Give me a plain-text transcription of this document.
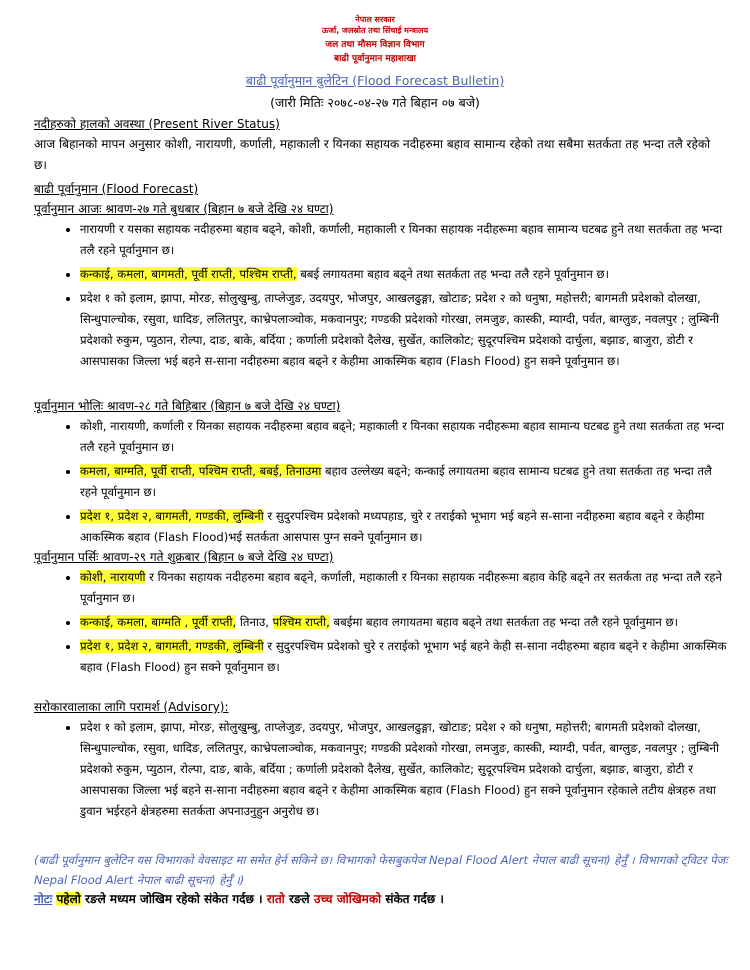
नेपाल सरकार
ऊर्जा, जलस्रोत तथा सिंचाई मन्त्रालय
जल तथा मौसम विज्ञान विभाग
बाढी पूर्वानुमान महाशाखा
बाढी पूर्वानुमान बुलेटिन (Flood Forecast Bulletin)
(जारी मितिः २०७८-०४-२७ गते बिहान ०७ बजे)
नदीहरुको हालको अवस्था (Present River Status)
आज बिहानको मापन अनुसार कोशी, नारायणी, कर्णाली, महाकाली र यिनका सहायक नदीहरुमा बहाव सामान्य रहेको तथा सबैमा सतर्कता तह भन्दा तलै रहेको छ।
बाढी पूर्वानुमान (Flood Forecast)
पूर्वानुमान आजः श्रावण-२७ गते बुधबार (बिहान ७ बजे देखि २४ घण्टा)
• नारायणी र यसका सहायक नदीहरुमा बहाव बढ्ने, कोशी, कर्णाली, महाकाली र यिनका सहायक नदीहरूमा बहाव सामान्य घटबढ हुने तथा सतर्कता तह भन्दा तलै रहने पूर्वानुमान छ।
• कन्काई, कमला, बागमती, पूर्वी राप्ती, पश्चिम राप्ती, बबई लगायतमा बहाव बढ्ने तथा सतर्कता तह भन्दा तलै रहने पूर्वानुमान छ।
• प्रदेश १ को इलाम, झापा, मोरङ, सोलुखुम्बु, ताप्लेजुङ, उदयपुर, भोजपुर, आखलढुङ्गा, खोटाङ; प्रदेश २ को धनुषा, महोत्तरी; बागमती प्रदेशको दोलखा, सिन्धुपाल्चोक, रसुवा, धादिङ, ललितपुर, काभ्रेपलाञ्चोक, मकवानपुर; गण्डकी प्रदेशको गोरखा, लमजुङ, कास्की, म्याग्दी, पर्वत, बाग्लुङ, नवलपुर ; लुम्बिनी प्रदेशको रुकुम, प्युठान, रोल्पा, दाङ, बाके, बर्दिया ; कर्णाली प्रदेशको दैलेख, सुर्खेत, कालिकोट; सुदूरपश्चिम प्रदेशको दार्चुला, बझाङ, बाजुरा, डोटी र आसपासका जिल्ला भई बहने स-साना नदीहरुमा बहाव बढ्ने र केहीमा आकस्मिक बहाव (Flash Flood) हुन सक्ने पूर्वानुमान छ।
पूर्वानुमान भोलिः श्रावण-२८ गते बिहिबार (बिहान ७ बजे देखि २४ घण्टा)
• कोशी, नारायणी, कर्णाली र यिनका सहायक नदीहरुमा बहाव बढ्ने; महाकाली र यिनका सहायक नदीहरूमा बहाव सामान्य घटबढ हुने तथा सतर्कता तह भन्दा तलै रहने पूर्वानुमान छ।
• कमला, बाग्मति, पूर्वी राप्ती, पश्चिम राप्ती, बबई, तिनाउमा बहाव उल्लेख्य बढ्ने; कन्काई लगायतमा बहाव सामान्य घटबढ हुने तथा सतर्कता तह भन्दा तलै रहने पूर्वानुमान छ।
• प्रदेश १, प्रदेश २, बागमती, गण्डकी, लुम्बिनी र सुदुरपश्चिम प्रदेशको मध्यपहाड, चुरे र तराईको भूभाग भई बहने स-साना नदीहरुमा बहाव बढ्ने र केहीमा आकस्मिक बहाव (Flash Flood)भई सतर्कता आसपास पुग्न सक्ने पूर्वानुमान छ।
पूर्वानुमान पर्सिः श्रावण-२९ गते शुक्रबार (बिहान ७ बजे देखि २४ घण्टा)
• कोशी, नारायणी र यिनका सहायक नदीहरुमा बहाव बढ्ने, कर्णाली, महाकाली र यिनका सहायक नदीहरूमा बहाव केहि बढ्ने तर सतर्कता तह भन्दा तलै रहने पूर्वानुमान छ।
• कन्काई, कमला, बाग्मति , पूर्वी राप्ती, तिनाउ, पश्चिम राप्ती, बबईमा बहाव लगायतमा बहाव बढ्ने तथा सतर्कता तह भन्दा तलै रहने पूर्वानुमान छ।
• प्रदेश १, प्रदेश २, बागमती, गण्डकी, लुम्बिनी र सुदुरपश्चिम प्रदेशको चुरे र तराईको भूभाग भई बहने केही स-साना नदीहरुमा बहाव बढ्ने र केहीमा आकस्मिक बहाव (Flash Flood) हुन सक्ने पूर्वानुमान छ।
सरोकारवालाका लागि परामर्श (Advisory):
• प्रदेश १ को इलाम, झापा, मोरङ, सोलुखुम्बु, ताप्लेजुङ, उदयपुर, भोजपुर, आखलढुङ्गा, खोटाङ; प्रदेश २ को धनुषा, महोत्तरी; बागमती प्रदेशको दोलखा, सिन्धुपाल्चोक, रसुवा, धादिङ, ललितपुर, काभ्रेपलाञ्चोक, मकवानपुर; गण्डकी प्रदेशको गोरखा, लमजुङ, कास्की, म्याग्दी, पर्वत, बाग्लुङ, नवलपुर ; लुम्बिनी प्रदेशको रुकुम, प्युठान, रोल्पा, दाङ, बाके, बर्दिया ; कर्णाली प्रदेशको दैलेख, सुर्खेत, कालिकोट; सुदूरपश्चिम प्रदेशको दार्चुला, बझाङ, बाजुरा, डोटी र आसपासका जिल्ला भई बहने स-साना नदीहरुमा बहाव बढ्ने र केहीमा आकस्मिक बहाव (Flash Flood) हुन सक्ने पूर्वानुमान रहेकाले तटीय क्षेत्रहरु तथा डुवान भईरहने क्षेत्रहरुमा सतर्कता अपनाउनुहुन अनुरोध छ।
(बाढी पूर्वानुमान बुलेटिन यस विभागको वेवसाइट मा समेत हेर्न सकिने छ। विभागको फेसबुकपेज Nepal Flood Alert नेपाल बाढी सूचना) हेर्नुँ । विभागको ट्विटर पेजः Nepal Flood Alert नेपाल बाढी सूचना) हेर्नुँ ।)
नोटः पहेलो रङले मध्यम जोखिम रहेको संकेत गर्दछ । रातो रङले उच्च जोखिमको संकेत गर्दछ ।
